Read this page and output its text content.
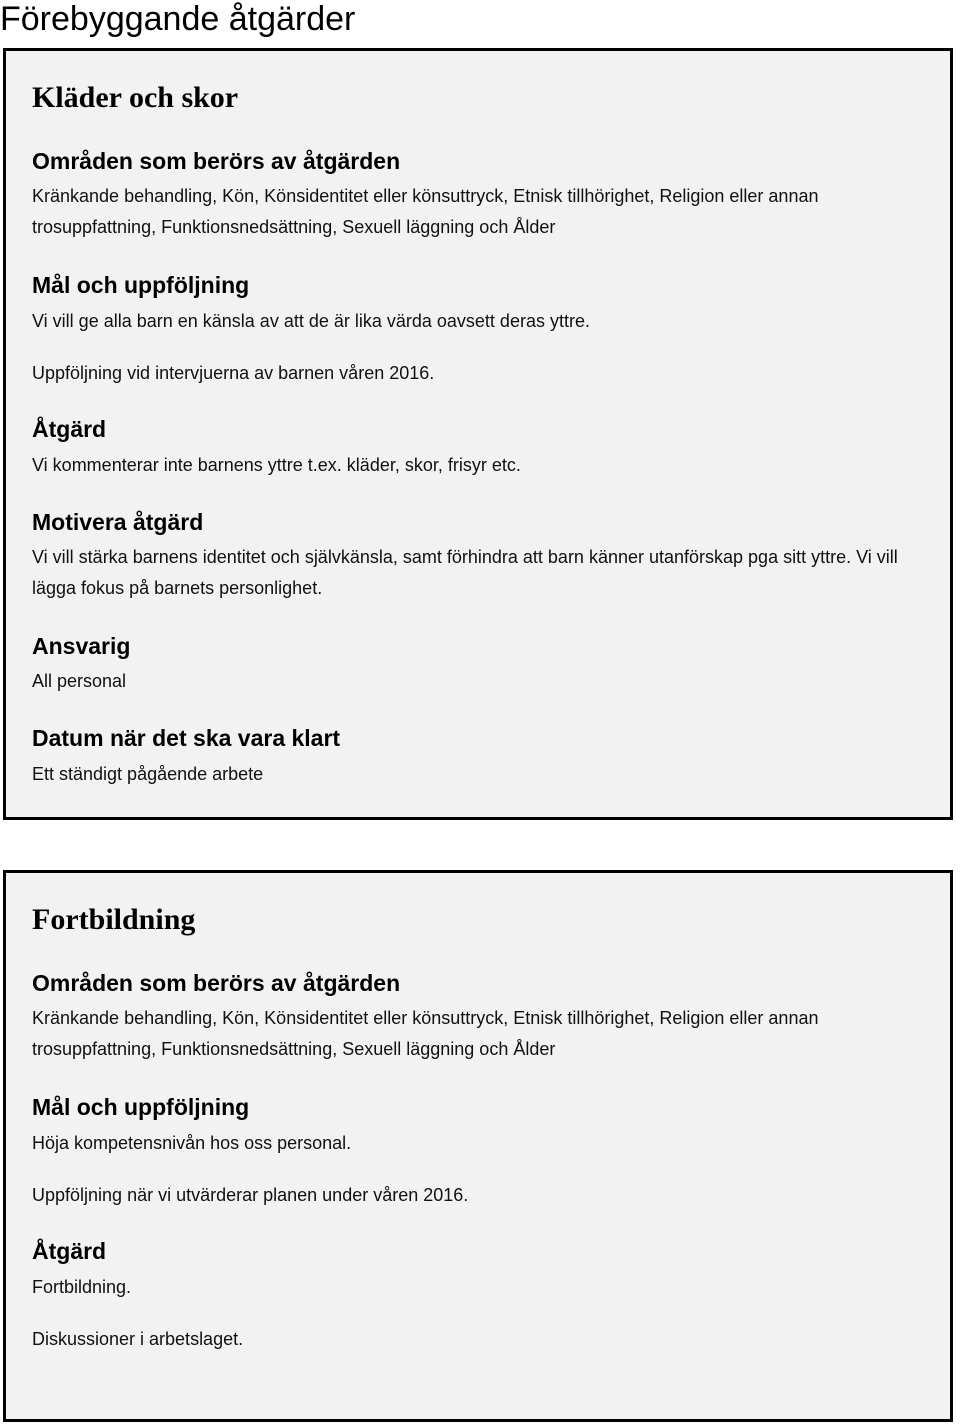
Förebyggande åtgärder
Kläder och skor
Områden som berörs av åtgärden

Kränkande behandling, Kön, Könsidentitet eller könsuttryck, Etnisk tillhörighet, Religion eller annan trosuppfattning, Funktionsnedsättning, Sexuell läggning och Ålder

Mål och uppföljning

Vi vill ge alla barn en känsla av att de är lika värda oavsett deras yttre.

Uppföljning vid intervjuerna av barnen våren 2016.

Åtgärd

Vi kommenterar inte barnens yttre t.ex. kläder, skor, frisyr etc.

Motivera åtgärd

Vi vill stärka barnens identitet och självkänsla, samt förhindra att barn känner utanförskap pga sitt yttre. Vi vill lägga fokus på barnets personlighet.

Ansvarig

All personal

Datum när det ska vara klart

Ett ständigt pågående arbete

Fortbildning
Områden som berörs av åtgärden

Kränkande behandling, Kön, Könsidentitet eller könsuttryck, Etnisk tillhörighet, Religion eller annan trosuppfattning, Funktionsnedsättning, Sexuell läggning och Ålder

Mål och uppföljning

Höja kompetensnivån hos oss personal.

Uppföljning när vi utvärderar planen under våren 2016.

Åtgärd

Fortbildning.

Diskussioner i arbetslaget.
